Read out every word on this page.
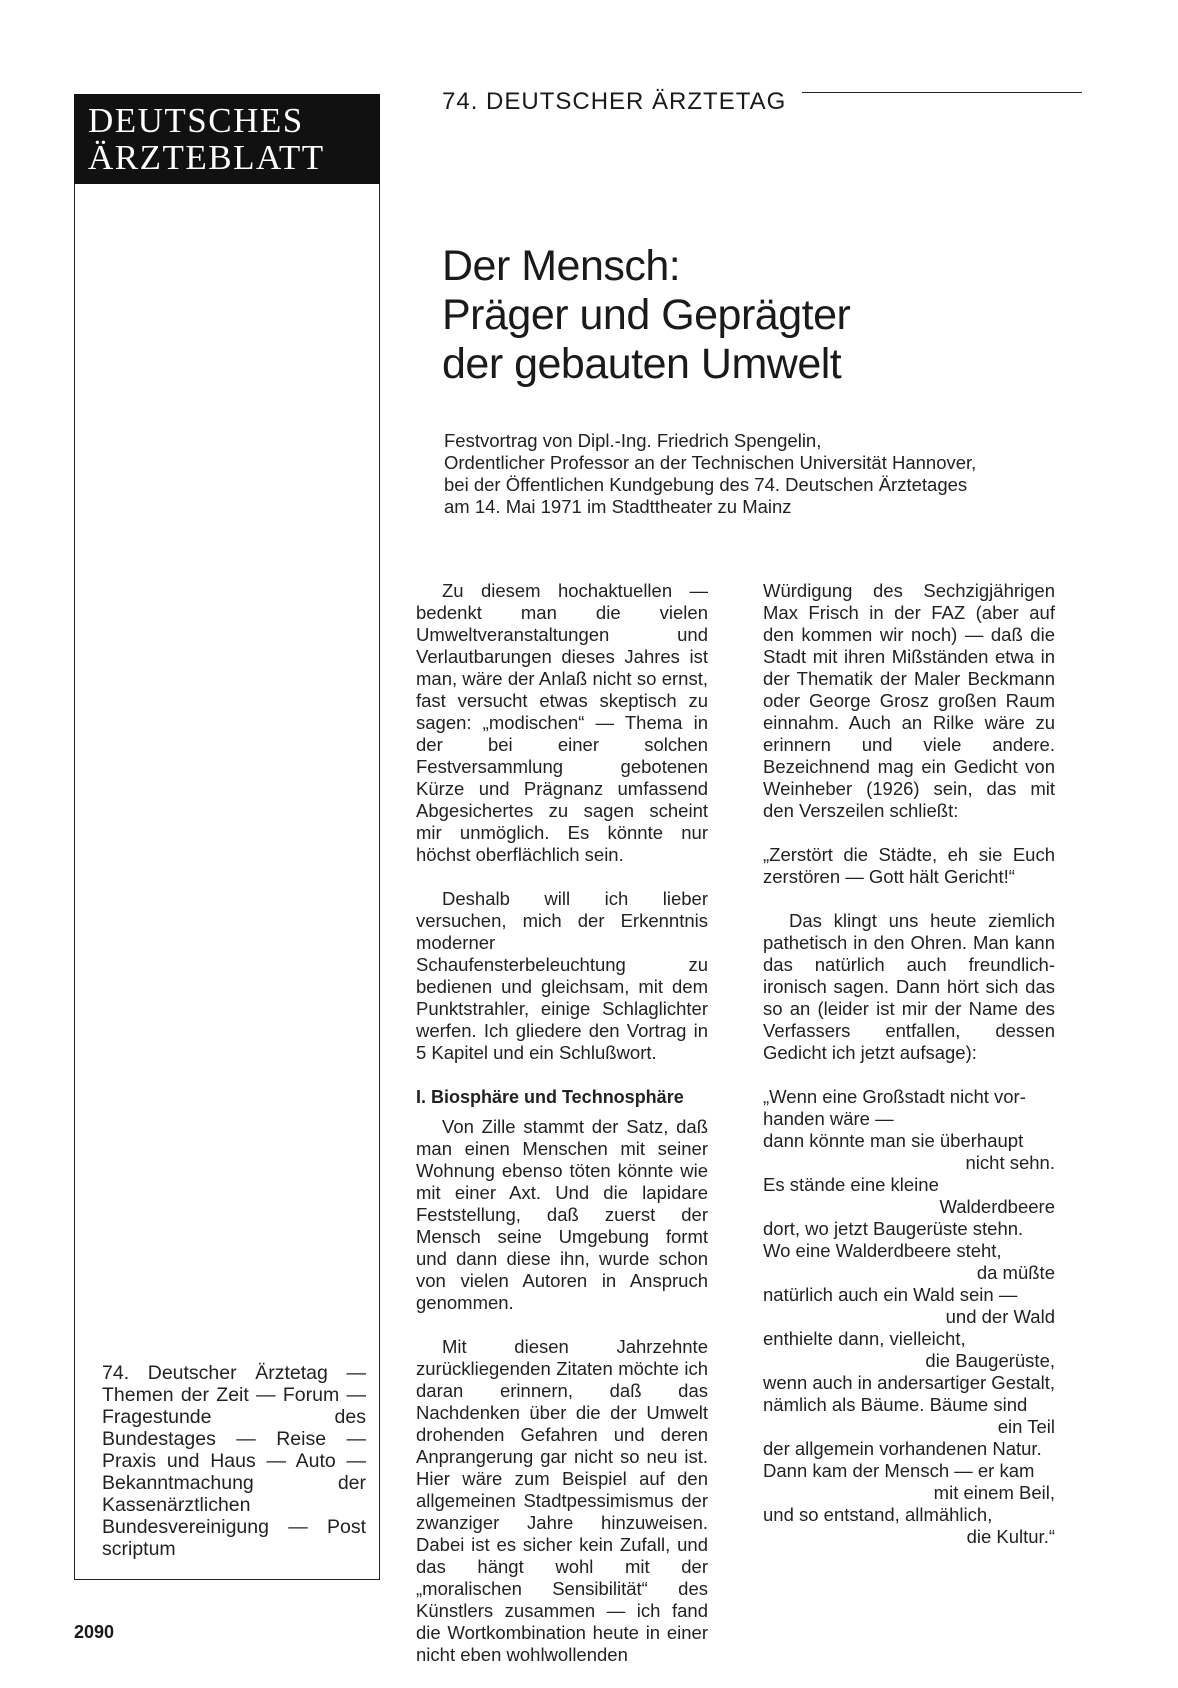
DEUTSCHES
ÄRZTEBLATT
74. Deutscher Ärztetag — Themen der Zeit — Forum — Fragestunde des Bundestages — Reise — Praxis und Haus — Auto — Bekanntmachung der Kassenärztlichen Bundesvereinigung — Post scriptum
74. DEUTSCHER ÄRZTETAG
Der Mensch:
Präger und Geprägter
der gebauten Umwelt
Festvortrag von Dipl.-Ing. Friedrich Spengelin,
Ordentlicher Professor an der Technischen Universität Hannover,
bei der Öffentlichen Kundgebung des 74. Deutschen Ärztetages
am 14. Mai 1971 im Stadttheater zu Mainz

Zu diesem hochaktuellen — bedenkt man die vielen Umweltveranstaltungen und Verlautbarungen dieses Jahres ist man, wäre der Anlaß nicht so ernst, fast versucht etwas skeptisch zu sagen: „modischen“ — Thema in der bei einer solchen Festversammlung gebotenen Kürze und Prägnanz umfassend Abgesichertes zu sagen scheint mir unmöglich. Es könnte nur höchst oberflächlich sein.

Deshalb will ich lieber versuchen, mich der Erkenntnis moderner Schaufensterbeleuchtung zu bedienen und gleichsam, mit dem Punktstrahler, einige Schlaglichter werfen. Ich gliedere den Vortrag in 5 Kapitel und ein Schlußwort.

I. Biosphäre und Technosphäre

Von Zille stammt der Satz, daß man einen Menschen mit seiner Wohnung ebenso töten könnte wie mit einer Axt. Und die lapidare Feststellung, daß zuerst der Mensch seine Umgebung formt und dann diese ihn, wurde schon von vielen Autoren in Anspruch genommen.

Mit diesen Jahrzehnte zurückliegenden Zitaten möchte ich daran erinnern, daß das Nachdenken über die der Umwelt drohenden Gefahren und deren Anprangerung gar nicht so neu ist. Hier wäre zum Beispiel auf den allgemeinen Stadtpessimismus der zwanziger Jahre hinzuweisen. Dabei ist es sicher kein Zufall, und das hängt wohl mit der „moralischen Sensibilität“ des Künstlers zusammen — ich fand die Wortkombination heute in einer nicht eben wohlwollenden

Würdigung des Sechzigjährigen Max Frisch in der FAZ (aber auf den kommen wir noch) — daß die Stadt mit ihren Mißständen etwa in der Thematik der Maler Beckmann oder George Grosz großen Raum einnahm. Auch an Rilke wäre zu erinnern und viele andere. Bezeichnend mag ein Gedicht von Weinheber (1926) sein, das mit den Verszeilen schließt:

„Zerstört die Städte, eh sie Euch zerstören — Gott hält Gericht!“

Das klingt uns heute ziemlich pathetisch in den Ohren. Man kann das natürlich auch freundlich-ironisch sagen. Dann hört sich das so an (leider ist mir der Name des Verfassers entfallen, dessen Gedicht ich jetzt aufsage):

„Wenn eine Großstadt nicht vor-
handen wäre —
dann könnte man sie überhaupt
nicht sehn.
Es stände eine kleine
Walderdbeere
dort, wo jetzt Baugerüste stehn.
Wo eine Walderdbeere steht,
da müßte
natürlich auch ein Wald sein —
und der Wald
enthielte dann, vielleicht,
die Baugerüste,
wenn auch in andersartiger Gestalt,
nämlich als Bäume. Bäume sind
ein Teil
der allgemein vorhandenen Natur.
Dann kam der Mensch — er kam
mit einem Beil,
und so entstand, allmählich,
die Kultur.“
2090
